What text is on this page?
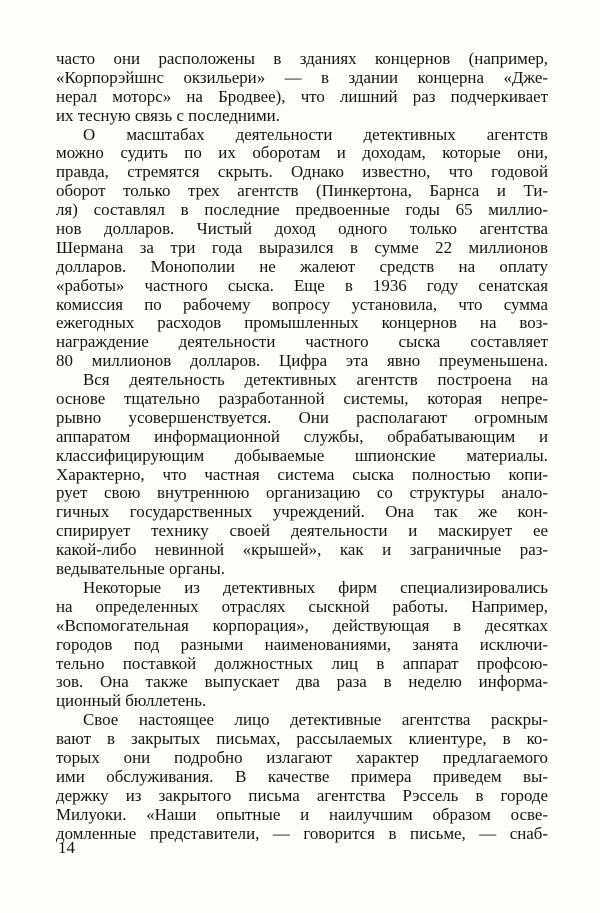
часто они расположены в зданиях концернов (например,
«Корпорэйшнс окзильери» — в здании концерна «Дже-
нерал моторс» на Бродвее), что лишний раз подчеркивает
их тесную связь с последними.
О масштабах деятельности детективных агентств
можно судить по их оборотам и доходам, которые они,
правда, стремятся скрыть. Однако известно, что годовой
оборот только трех агентств (Пинкертона, Барнса и Ти-
ля) составлял в последние предвоенные годы 65 миллио-
нов долларов. Чистый доход одного только агентства
Шермана за три года выразился в сумме 22 миллионов
долларов. Монополии не жалеют средств на оплату
«работы» частного сыска. Еще в 1936 году сенатская
комиссия по рабочему вопросу установила, что сумма
ежегодных расходов промышленных концернов на воз-
награждение деятельности частного сыска составляет
80 миллионов долларов. Цифра эта явно преуменьшена.
Вся деятельность детективных агентств построена на
основе тщательно разработанной системы, которая непре-
рывно усовершенствуется. Они располагают огромным
аппаратом информационной службы, обрабатывающим и
классифицирующим добываемые шпионские материалы.
Характерно, что частная система сыска полностью копи-
рует свою внутреннюю организацию со структуры анало-
гичных государственных учреждений. Она так же кон-
спирирует технику своей деятельности и маскирует ее
какой-либо невинной «крышей», как и заграничные раз-
ведывательные органы.
Некоторые из детективных фирм специализировались
на определенных отраслях сыскной работы. Например,
«Вспомогательная корпорация», действующая в десятках
городов под разными наименованиями, занята исключи-
тельно поставкой должностных лиц в аппарат профсою-
зов. Она также выпускает два раза в неделю информа-
ционный бюллетень.
Свое настоящее лицо детективные агентства раскры-
вают в закрытых письмах, рассылаемых клиентуре, в ко-
торых они подробно излагают характер предлагаемого
ими обслуживания. В качестве примера приведем вы-
держку из закрытого письма агентства Рэссель в городе
Милуоки. «Наши опытные и наилучшим образом осве-
домленные представители, — говорится в письме, — снаб-
14
